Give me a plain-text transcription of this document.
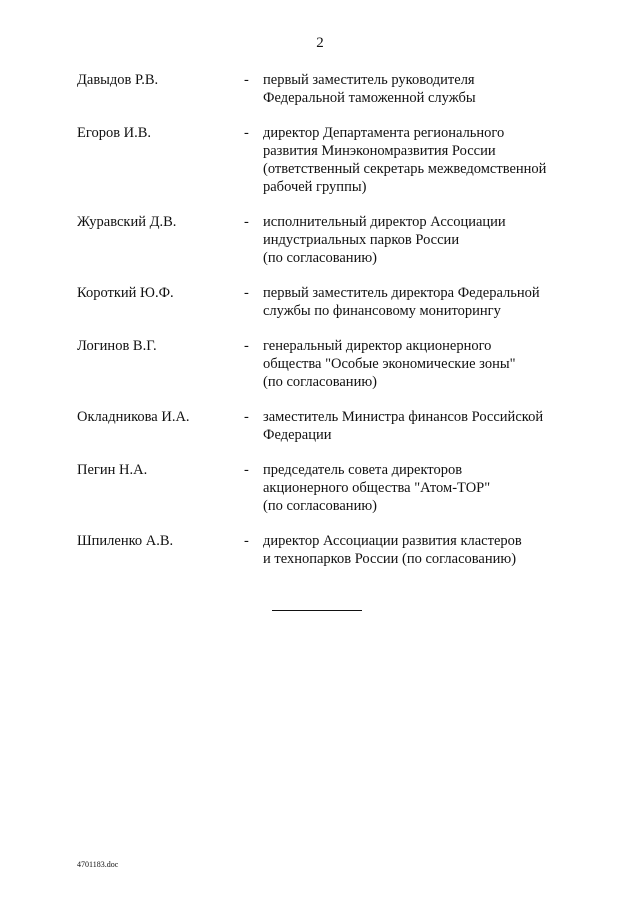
2
Давыдов Р.В.	- первый заместитель руководителя
Федеральной таможенной службы
Егоров И.В.	- директор Департамента регионального
развития Минэкономразвития России
(ответственный секретарь межведомственной
рабочей группы)
Журавский Д.В.	- исполнительный директор Ассоциации
индустриальных парков России
(по согласованию)
Короткий Ю.Ф.	- первый заместитель директора Федеральной
службы по финансовому мониторингу
Логинов В.Г.	- генеральный директор акционерного
общества "Особые экономические зоны"
(по согласованию)
Окладникова И.А.	- заместитель Министра финансов Российской
Федерации
Пегин Н.А.	- председатель совета директоров
акционерного общества "Атом-ТОР"
(по согласованию)
Шпиленко А.В.	- директор Ассоциации развития кластеров
и технопарков России (по согласованию)
4701183.doc
